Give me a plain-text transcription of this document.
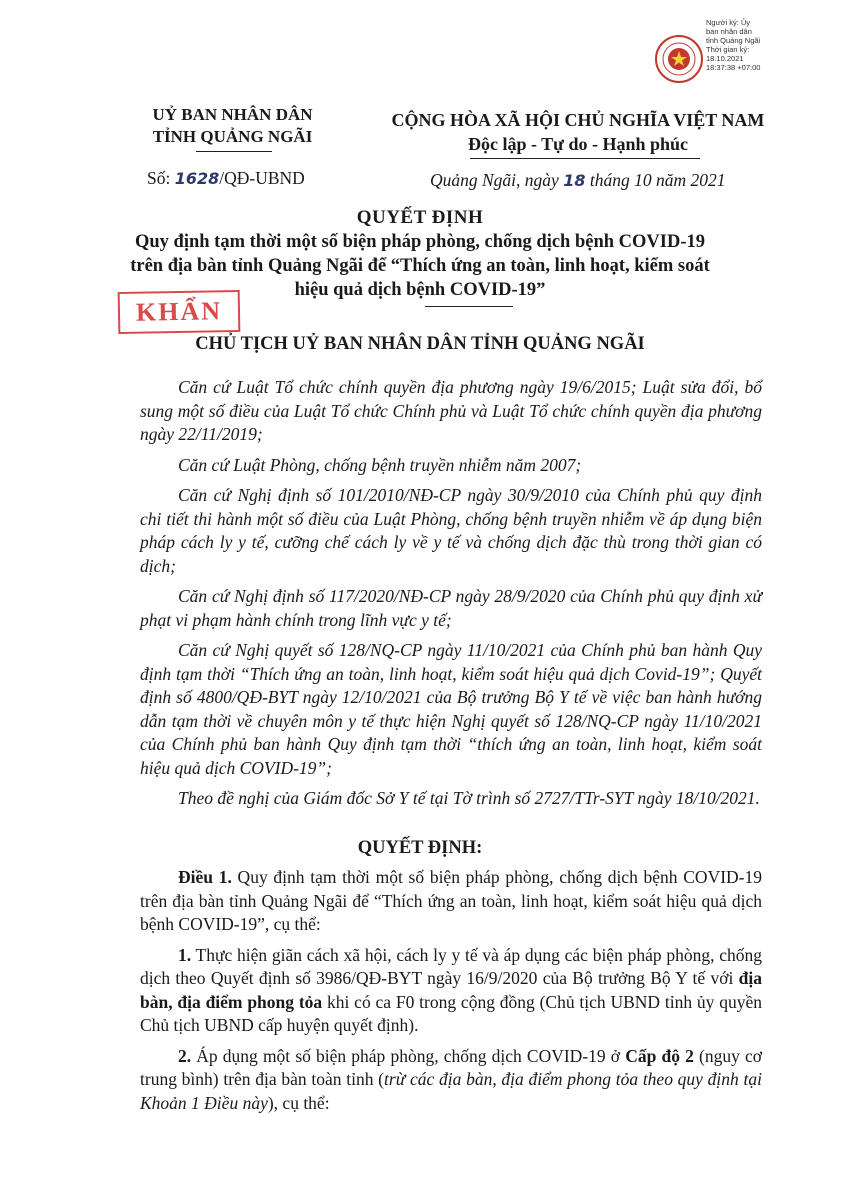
Người ký: Ủy
ban nhân dân
tỉnh Quảng Ngãi
Thời gian ký:
18.10.2021
18:37:38 +07:00
UỶ BAN NHÂN DÂN
TỈNH QUẢNG NGÃI
CỘNG HÒA XÃ HỘI CHỦ NGHĨA VIỆT NAM
Độc lập - Tự do - Hạnh phúc
Số: 1628/QĐ-UBND	Quảng Ngãi, ngày 18 tháng 10 năm 2021
QUYẾT ĐỊNH
Quy định tạm thời một số biện pháp phòng, chống dịch bệnh COVID-19
trên địa bàn tỉnh Quảng Ngãi để “Thích ứng an toàn, linh hoạt, kiểm soát
hiệu quả dịch bệnh COVID-19”
KHẨN
CHỦ TỊCH UỶ BAN NHÂN DÂN TỈNH QUẢNG NGÃI

Căn cứ Luật Tổ chức chính quyền địa phương ngày 19/6/2015; Luật sửa đổi, bổ sung một số điều của Luật Tổ chức Chính phủ và Luật Tổ chức chính quyền địa phương ngày 22/11/2019;

Căn cứ Luật Phòng, chống bệnh truyền nhiễm năm 2007;

Căn cứ Nghị định số 101/2010/NĐ-CP ngày 30/9/2010 của Chính phủ quy định chi tiết thi hành một số điều của Luật Phòng, chống bệnh truyền nhiễm về áp dụng biện pháp cách ly y tế, cưỡng chế cách ly về y tế và chống dịch đặc thù trong thời gian có dịch;

Căn cứ Nghị định số 117/2020/NĐ-CP ngày 28/9/2020 của Chính phủ quy định xử phạt vi phạm hành chính trong lĩnh vực y tế;

Căn cứ Nghị quyết số 128/NQ-CP ngày 11/10/2021 của Chính phủ ban hành Quy định tạm thời “Thích ứng an toàn, linh hoạt, kiểm soát hiệu quả dịch Covid-19”; Quyết định số 4800/QĐ-BYT ngày 12/10/2021 của Bộ trưởng Bộ Y tế về việc ban hành hướng dẫn tạm thời về chuyên môn y tế thực hiện Nghị quyết số 128/NQ-CP ngày 11/10/2021 của Chính phủ ban hành Quy định tạm thời “thích ứng an toàn, linh hoạt, kiểm soát hiệu quả dịch COVID-19”;

Theo đề nghị của Giám đốc Sở Y tế tại Tờ trình số 2727/TTr-SYT ngày 18/10/2021.

QUYẾT ĐỊNH:

Điều 1. Quy định tạm thời một số biện pháp phòng, chống dịch bệnh COVID-19 trên địa bàn tỉnh Quảng Ngãi để “Thích ứng an toàn, linh hoạt, kiểm soát hiệu quả dịch bệnh COVID-19”, cụ thể:

1. Thực hiện giãn cách xã hội, cách ly y tế và áp dụng các biện pháp phòng, chống dịch theo Quyết định số 3986/QĐ-BYT ngày 16/9/2020 của Bộ trưởng Bộ Y tế với địa bàn, địa điểm phong tỏa khi có ca F0 trong cộng đồng (Chủ tịch UBND tỉnh ủy quyền Chủ tịch UBND cấp huyện quyết định).

2. Áp dụng một số biện pháp phòng, chống dịch COVID-19 ở Cấp độ 2 (nguy cơ trung bình) trên địa bàn toàn tỉnh (trừ các địa bàn, địa điểm phong tỏa theo quy định tại Khoản 1 Điều này), cụ thể:
